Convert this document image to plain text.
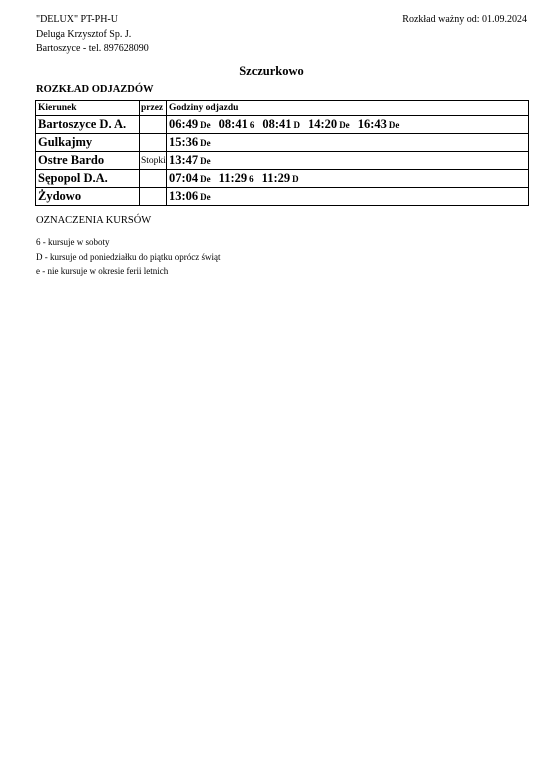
"DELUX" PT-PH-U
Deluga Krzysztof Sp. J.
Bartoszyce - tel. 897628090
Rozkład ważny od: 01.09.2024
Szczurkowo
ROZKŁAD ODJAZDÓW
Kierunek	przez	Godziny odjazdu
Bartoszyce D. A.		06:49 De 08:41 6 08:41 D 14:20 De 16:43 De
Gulkajmy		15:36 De
Ostre Bardo	Stopki	13:47 De
Sępopol D.A.		07:04 De 11:29 6 11:29 D
Żydowo		13:06 De
OZNACZENIA KURSÓW
6 - kursuje w soboty
D - kursuje od poniedziałku do piątku oprócz świąt
e - nie kursuje w okresie ferii letnich
